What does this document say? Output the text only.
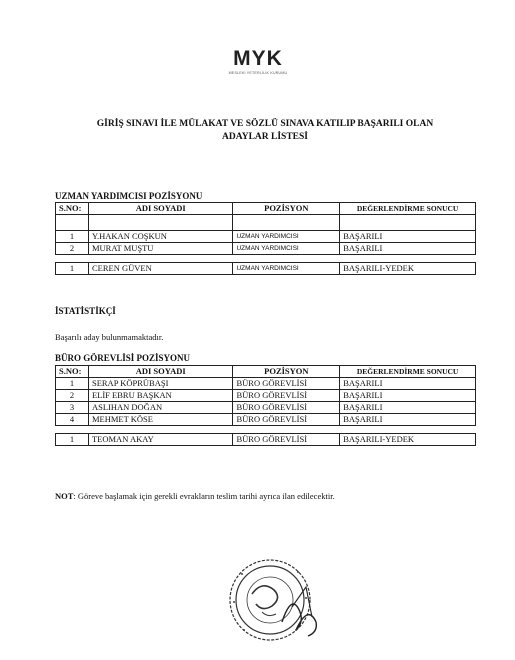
MYK
MESLEKİ YETERLİLİK KURUMU
GİRİŞ SINAVI İLE MÜLAKAT VE SÖZLÜ SINAVA KATILIP BAŞARILI OLAN
ADAYLAR LİSTESİ
UZMAN YARDIMCISI POZİSYONU
S.NO:	ADI SOYADI	POZİSYON	DEĞERLENDİRME SONUCU

1	Y.HAKAN COŞKUN	UZMAN YARDIMCISI	BAŞARILI
2	MURAT MUŞTU	UZMAN YARDIMCISI	BAŞARILI

1	CEREN GÜVEN	UZMAN YARDIMCISI	BAŞARILI-YEDEK
İSTATİSTİKÇİ
Başarılı aday bulunmamaktadır.
BÜRO GÖREVLİSİ POZİSYONU
S.NO:	ADI SOYADI	POZİSYON	DEĞERLENDİRME SONUCU
1	SERAP KÖPRÜBAŞI	BÜRO GÖREVLİSİ	BAŞARILI
2	ELİF EBRU BAŞKAN	BÜRO GÖREVLİSİ	BAŞARILI
3	ASLIHAN DOĞAN	BÜRO GÖREVLİSİ	BAŞARILI
4	MEHMET KÖSE	BÜRO GÖREVLİSİ	BAŞARILI

1	TEOMAN AKAY	BÜRO GÖREVLİSİ	BAŞARILI-YEDEK
NOT: Göreve başlamak için gerekli evrakların teslim tarihi ayrıca ilan edilecektir.
